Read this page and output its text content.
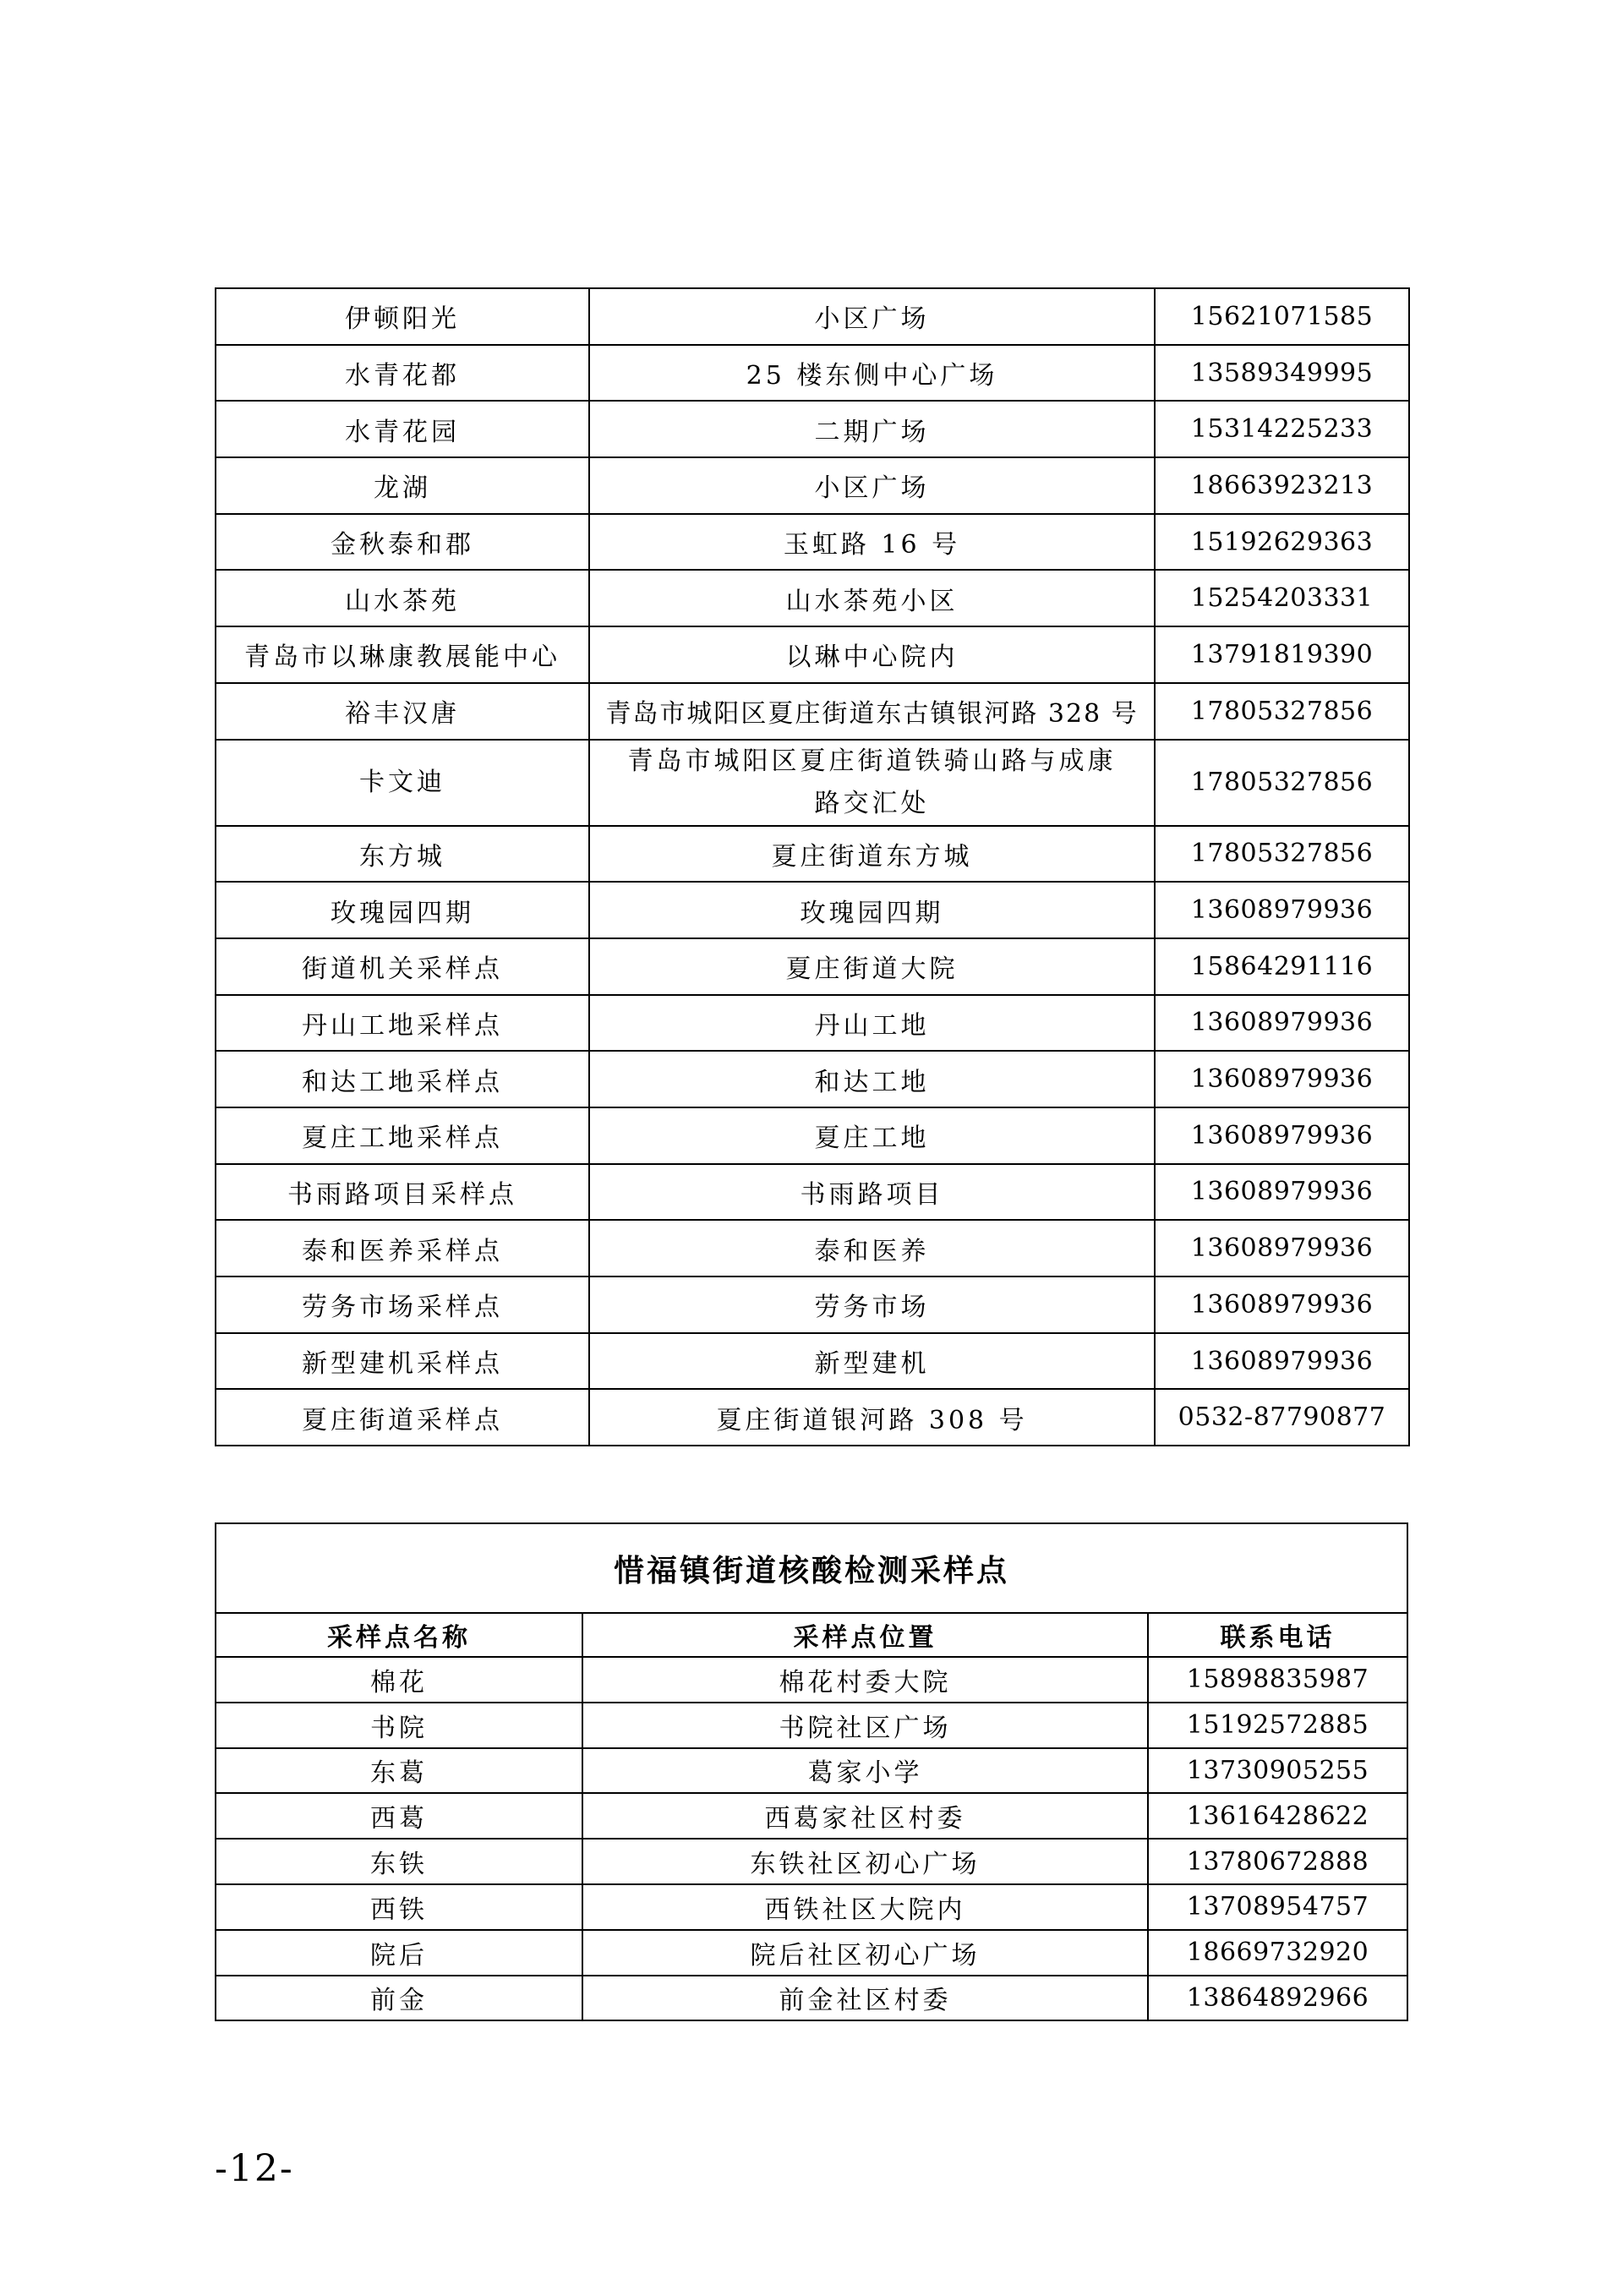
伊顿阳光	小区广场	15621071585
水青花都	25 楼东侧中心广场	13589349995
水青花园	二期广场	15314225233
龙湖	小区广场	18663923213
金秋泰和郡	玉虹路 16 号	15192629363
山水茶苑	山水茶苑小区	15254203331
青岛市以琳康教展能中心	以琳中心院内	13791819390
裕丰汉唐	青岛市城阳区夏庄街道东古镇银河路 328 号	17805327856
卡文迪	青岛市城阳区夏庄街道铁骑山路与成康路交汇处	17805327856
东方城	夏庄街道东方城	17805327856
玫瑰园四期	玫瑰园四期	13608979936
街道机关采样点	夏庄街道大院	15864291116
丹山工地采样点	丹山工地	13608979936
和达工地采样点	和达工地	13608979936
夏庄工地采样点	夏庄工地	13608979936
书雨路项目采样点	书雨路项目	13608979936
泰和医养采样点	泰和医养	13608979936
劳务市场采样点	劳务市场	13608979936
新型建机采样点	新型建机	13608979936
夏庄街道采样点	夏庄街道银河路 308 号	0532-87790877
惜福镇街道核酸检测采样点		
采样点名称	采样点位置	联系电话
棉花	棉花村委大院	15898835987
书院	书院社区广场	15192572885
东葛	葛家小学	13730905255
西葛	西葛家社区村委	13616428622
东铁	东铁社区初心广场	13780672888
西铁	西铁社区大院内	13708954757
院后	院后社区初心广场	18669732920
前金	前金社区村委	13864892966
-12-
